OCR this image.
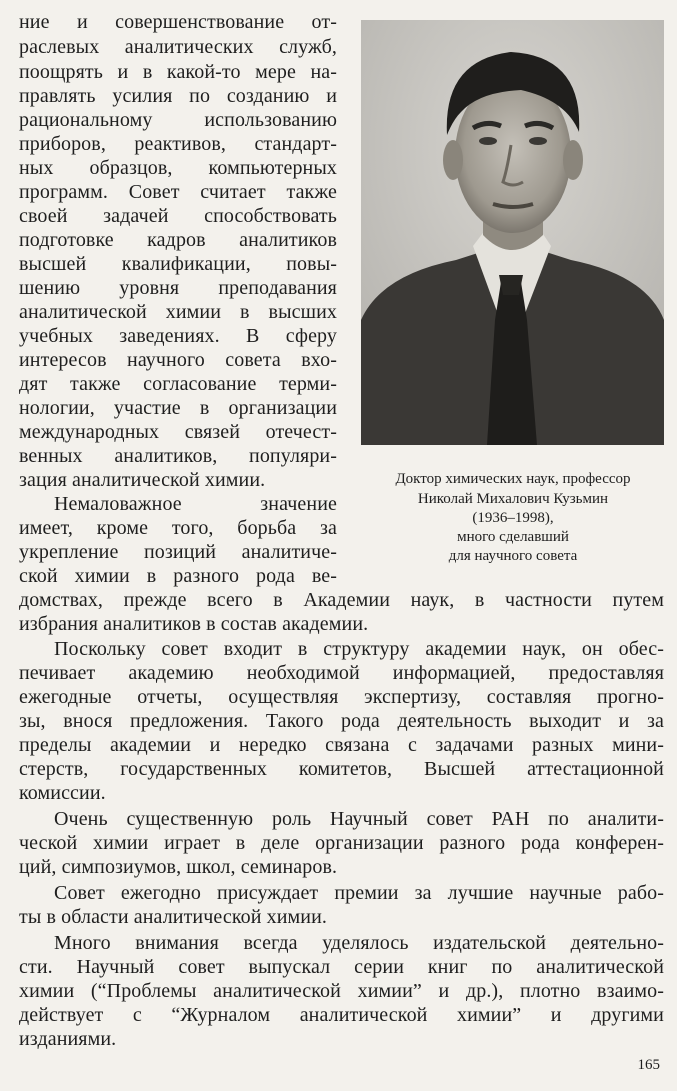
ние и совершенствование от-
раслевых аналитических служб,
поощрять и в какой-то мере на-
правлять усилия по созданию и
рациональному использованию
приборов, реактивов, стандарт-
ных образцов, компьютерных
программ. Совет считает также
своей задачей способствовать
подготовке кадров аналитиков
высшей квалификации, повы-
шению уровня преподавания
аналитической химии в высших
учебных заведениях. В сферу
интересов научного совета вхо-
дят также согласование терми-
нологии, участие в организации
международных связей отечест-
венных аналитиков, популяри-
зация аналитической химии.
Немаловажное значение
имеет, кроме того, борьба за
укрепление позиций аналитиче-
ской химии в разного рода ве-
Доктор химических наук, профессор
Николай Михалович Кузьмин
(1936–1998),
много сделавший
для научного совета
домствах, прежде всего в Академии наук, в частности путем
избрания аналитиков в состав академии.
Поскольку совет входит в структуру академии наук, он обес-
печивает академию необходимой информацией, предоставляя
ежегодные отчеты, осуществляя экспертизу, составляя прогно-
зы, внося предложения. Такого рода деятельность выходит и за
пределы академии и нередко связана с задачами разных мини-
стерств, государственных комитетов, Высшей аттестационной
комиссии.
Очень существенную роль Научный совет РАН по аналити-
ческой химии играет в деле организации разного рода конферен-
ций, симпозиумов, школ, семинаров.
Совет ежегодно присуждает премии за лучшие научные рабо-
ты в области аналитической химии.
Много внимания всегда уделялось издательской деятельно-
сти. Научный совет выпускал серии книг по аналитической
химии (“Проблемы аналитической химии” и др.), плотно взаимо-
действует с “Журналом аналитической химии” и другими
изданиями.
165
